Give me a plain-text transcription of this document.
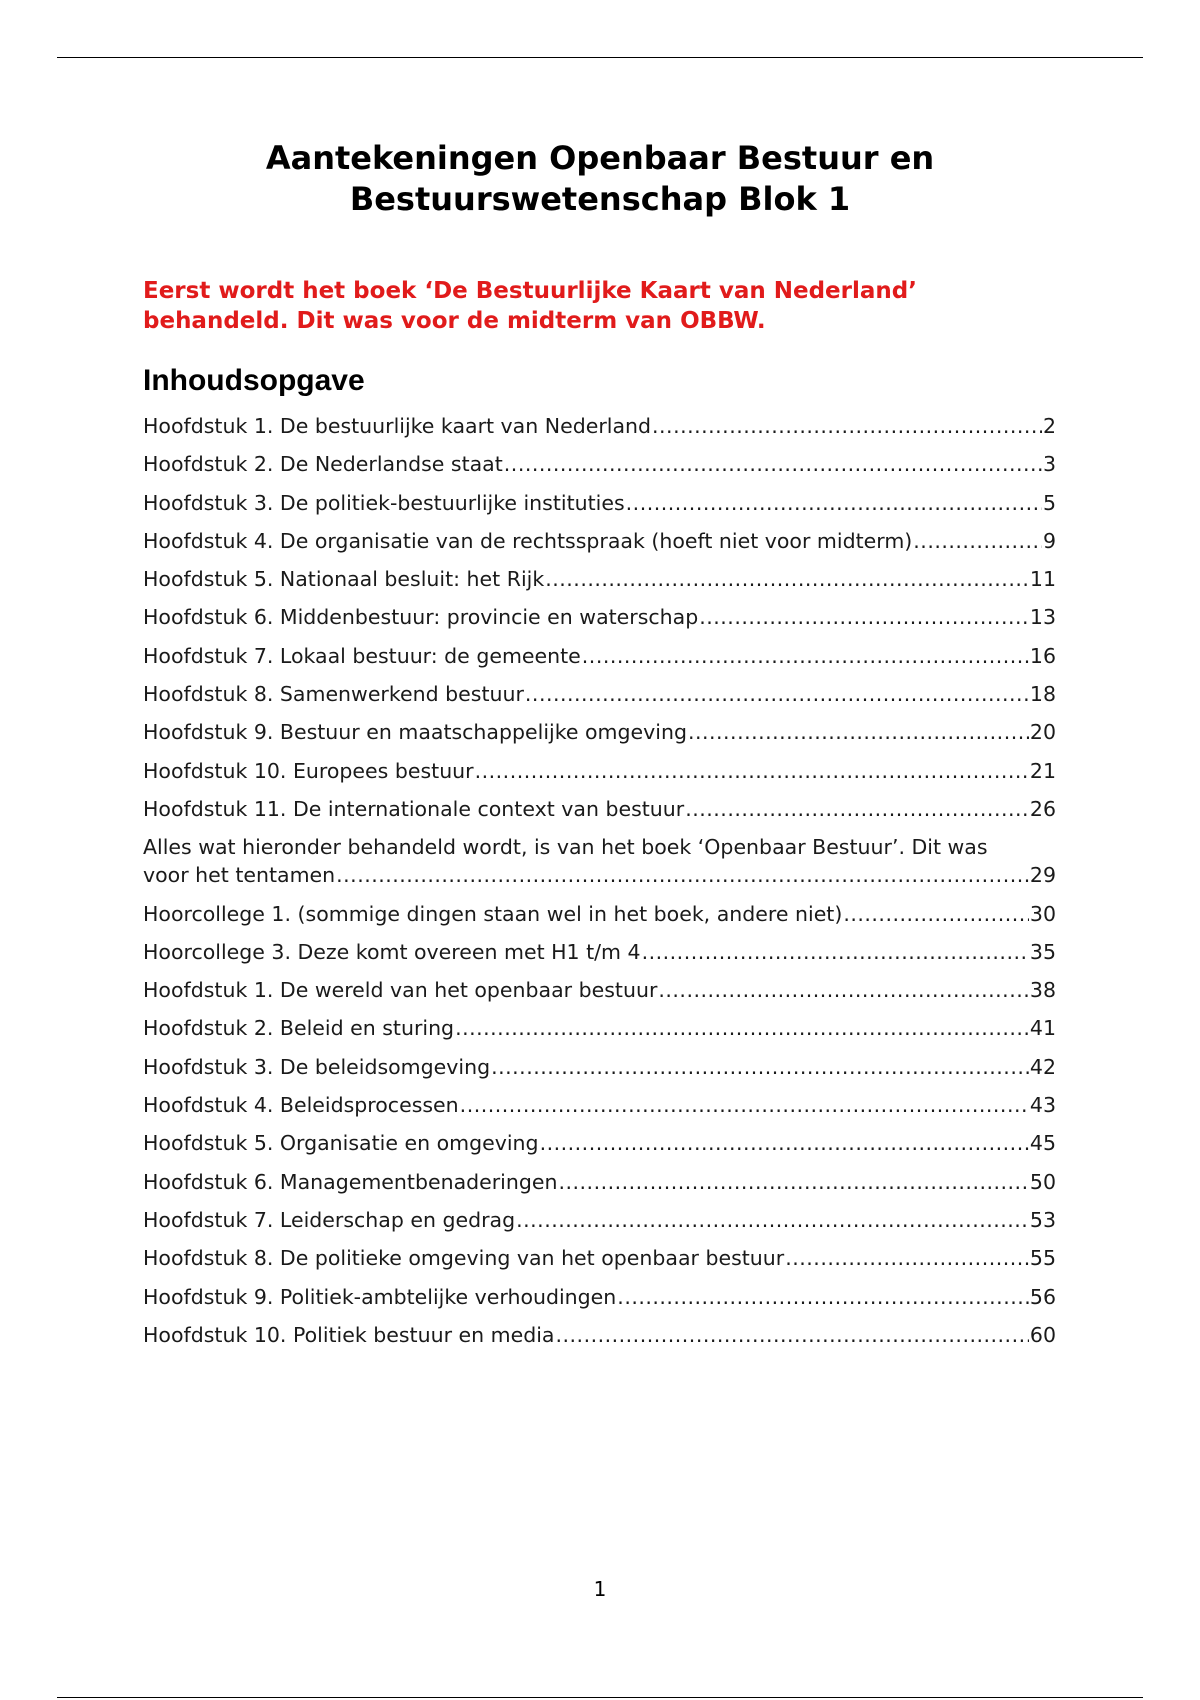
Aantekeningen Openbaar Bestuur en
Bestuurswetenschap Blok 1

Eerst wordt het boek ‘De Bestuurlijke Kaart van Nederland’
behandeld. Dit was voor de midterm van OBBW.

Inhoudsopgave
Hoofdstuk 1. De bestuurlijke kaart van Nederland .....	2
Hoofdstuk 2. De Nederlandse staat .....	3
Hoofdstuk 3. De politiek-bestuurlijke instituties .....	5
Hoofdstuk 4. De organisatie van de rechtsspraak (hoeft niet voor midterm) .....	9
Hoofdstuk 5. Nationaal besluit: het Rijk .....	11
Hoofdstuk 6. Middenbestuur: provincie en waterschap .....	13
Hoofdstuk 7. Lokaal bestuur: de gemeente .....	16
Hoofdstuk 8. Samenwerkend bestuur .....	18
Hoofdstuk 9. Bestuur en maatschappelijke omgeving .....	20
Hoofdstuk 10. Europees bestuur .....	21
Hoofdstuk 11. De internationale context van bestuur .....	26
Alles wat hieronder behandeld wordt, is van het boek ‘Openbaar Bestuur’. Dit was
voor het tentamen .....	29
Hoorcollege 1. (sommige dingen staan wel in het boek, andere niet) .....	30
Hoorcollege 3. Deze komt overeen met H1 t/m 4 .....	35
Hoofdstuk 1. De wereld van het openbaar bestuur .....	38
Hoofdstuk 2. Beleid en sturing .....	41
Hoofdstuk 3. De beleidsomgeving .....	42
Hoofdstuk 4. Beleidsprocessen .....	43
Hoofdstuk 5. Organisatie en omgeving .....	45
Hoofdstuk 6. Managementbenaderingen .....	50
Hoofdstuk 7. Leiderschap en gedrag .....	53
Hoofdstuk 8. De politieke omgeving van het openbaar bestuur .....	55
Hoofdstuk 9. Politiek-ambtelijke verhoudingen .....	56
Hoofdstuk 10. Politiek bestuur en media .....	60

1
